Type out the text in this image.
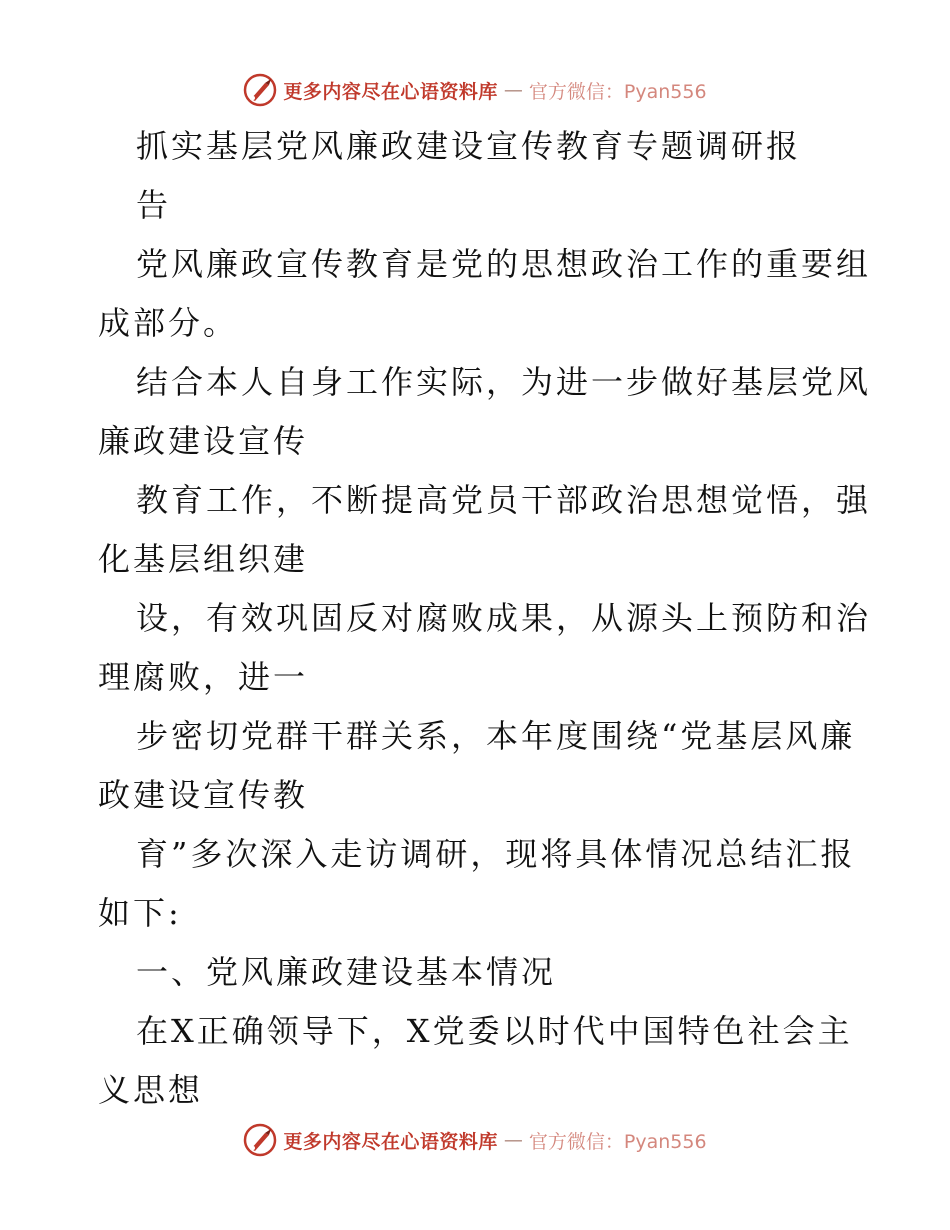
更多内容尽在心语资料库 — 官方微信：Pyan556
抓实基层党风廉政建设宣传教育专题调研报
告
党风廉政宣传教育是党的思想政治工作的重要组
成部分。
结合本人自身工作实际，为进一步做好基层党风
廉政建设宣传
教育工作，不断提高党员干部政治思想觉悟，强
化基层组织建
设，有效巩固反对腐败成果，从源头上预防和治
理腐败，进一
步密切党群干群关系，本年度围绕“党基层风廉
政建设宣传教
育”多次深入走访调研，现将具体情况总结汇报
如下:
一、党风廉政建设基本情况
在X正确领导下，X党委以时代中国特色社会主
义思想
更多内容尽在心语资料库 — 官方微信：Pyan556
